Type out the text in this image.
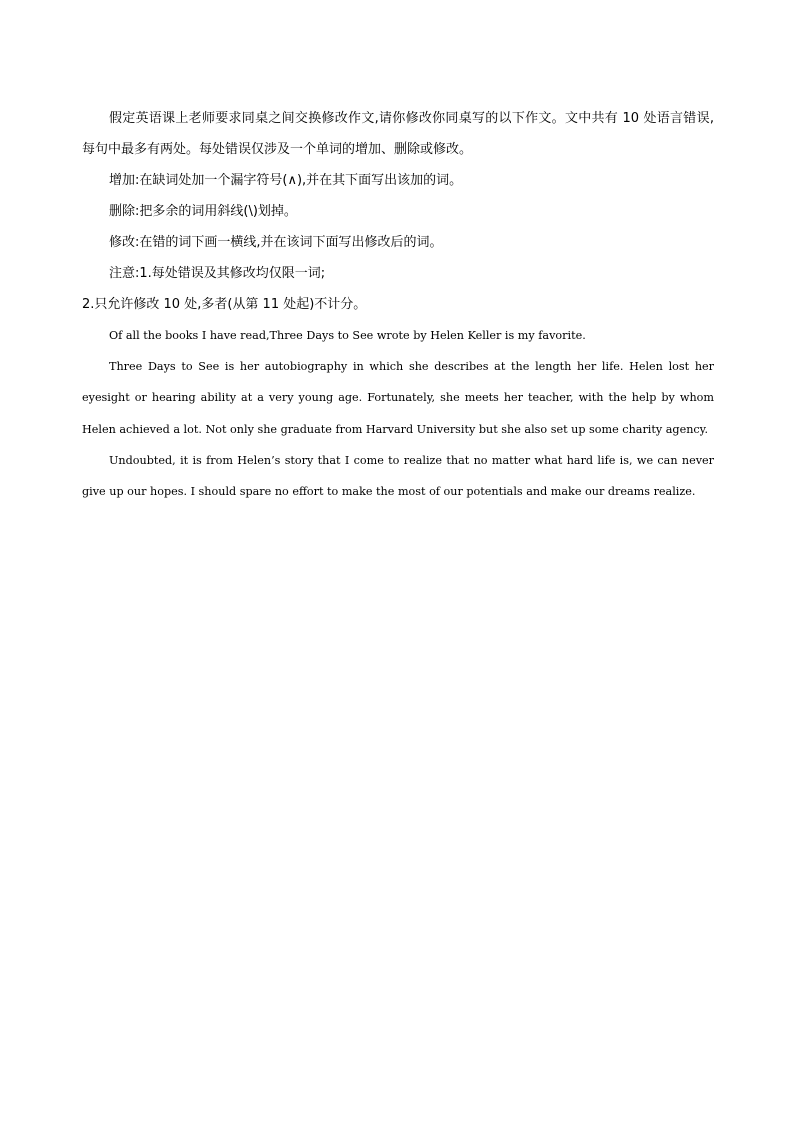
假定英语课上老师要求同桌之间交换修改作文,请你修改你同桌写的以下作文。文中共有 10 处语言错误,每句中最多有两处。每处错误仅涉及一个单词的增加、删除或修改。

增加:在缺词处加一个漏字符号(∧),并在其下面写出该加的词。

删除:把多余的词用斜线(\)划掉。

修改:在错的词下画一横线,并在该词下面写出修改后的词。

注意:1.每处错误及其修改均仅限一词;

2.只允许修改 10 处,多者(从第 11 处起)不计分。

Of all the books I have read,Three Days to See wrote by Helen Keller is my favorite.

Three Days to See is her autobiography in which she describes at the length her life. Helen lost her eyesight or hearing ability at a very young age. Fortunately, she meets her teacher, with the help by whom Helen achieved a lot. Not only she graduate from Harvard University but she also set up some charity agency.

Undoubted, it is from Helen’s story that I come to realize that no matter what hard life is, we can never give up our hopes. I should spare no effort to make the most of our potentials and make our dreams realize.
